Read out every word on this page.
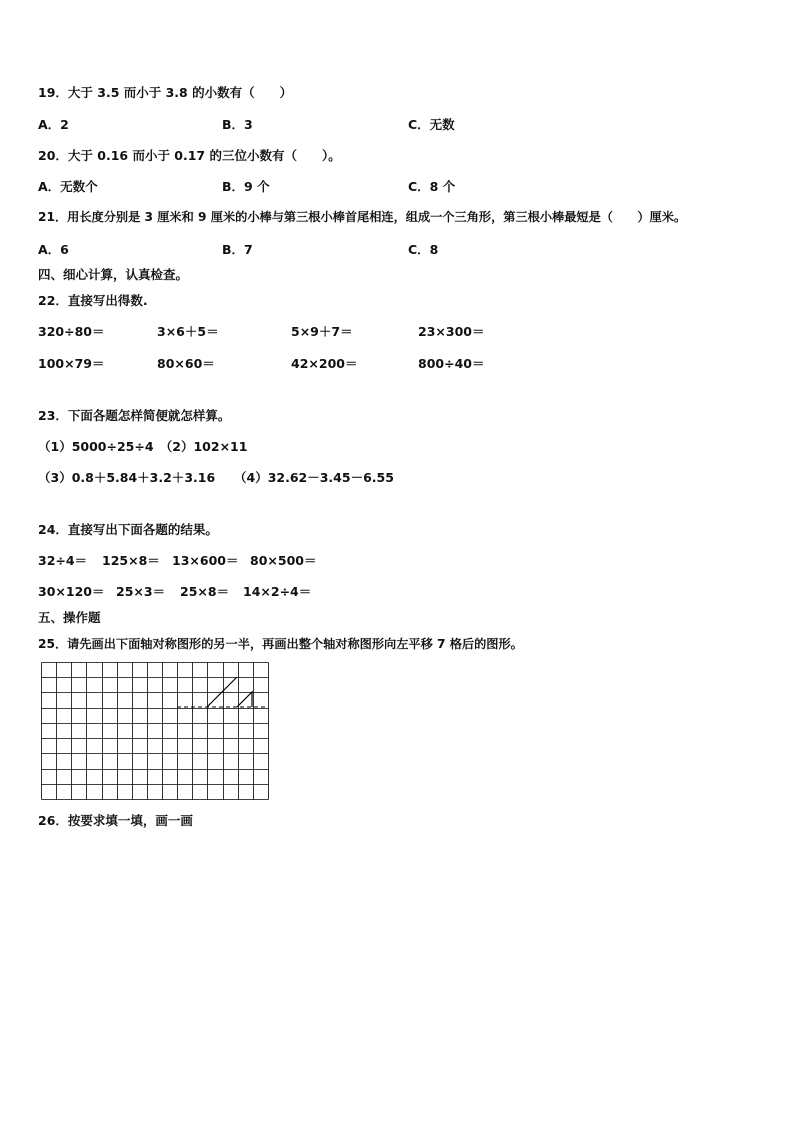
19．大于 3.5 而小于 3.8 的小数有（　　）
A．2	B．3	C．无数
20．大于 0.16 而小于 0.17 的三位小数有（　　）。
A．无数个	B．9 个	C．8 个
21．用长度分别是 3 厘米和 9 厘米的小棒与第三根小棒首尾相连，组成一个三角形，第三根小棒最短是（　　）厘米。
A．6	B．7	C．8
四、细心计算，认真检查。
22．直接写出得数.
320÷80＝	3×6＋5＝	5×9＋7＝	23×300＝
100×79＝	80×60＝	42×200＝	800÷40＝
23．下面各题怎样简便就怎样算。
（1）5000÷25÷4　（2）102×11
（3）0.8＋5.84＋3.2＋3.16 （4）32.62－3.45－6.55
24．直接写出下面各题的结果。
32÷4＝ 125×8＝ 13×600＝ 80×500＝
30×120＝ 25×3＝ 25×8＝ 14×2÷4＝
五、操作题
25．请先画出下面轴对称图形的另一半，再画出整个轴对称图形向左平移 7 格后的图形。
26．按要求填一填，画一画
